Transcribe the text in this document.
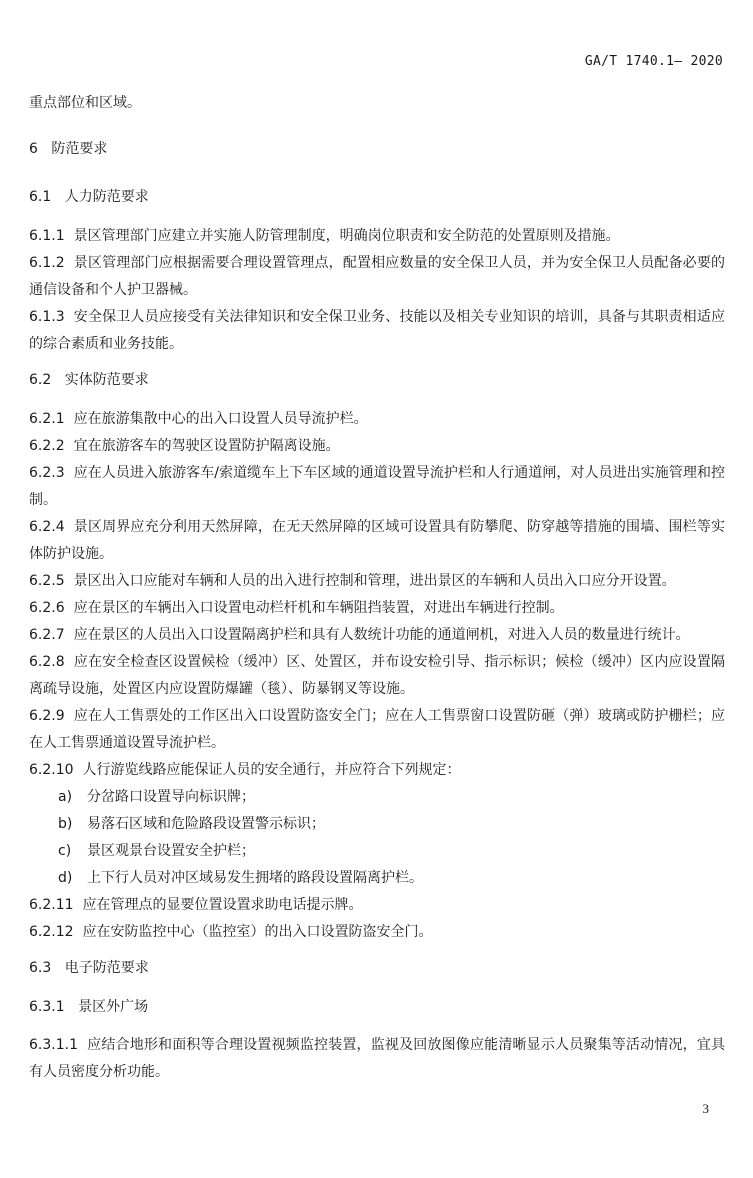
GA/T 1740.1— 2020

重点部位和区域。

6 防范要求

6.1 人力防范要求

6.1.1 景区管理部门应建立并实施人防管理制度，明确岗位职责和安全防范的处置原则及措施。

6.1.2 景区管理部门应根据需要合理设置管理点，配置相应数量的安全保卫人员，并为安全保卫人员配备必要的通信设备和个人护卫器械。

6.1.3 安全保卫人员应接受有关法律知识和安全保卫业务、技能以及相关专业知识的培训，具备与其职责相适应的综合素质和业务技能。

6.2 实体防范要求

6.2.1 应在旅游集散中心的出入口设置人员导流护栏。

6.2.2 宜在旅游客车的驾驶区设置防护隔离设施。

6.2.3 应在人员进入旅游客车/索道缆车上下车区域的通道设置导流护栏和人行通道闸，对人员进出实施管理和控制。

6.2.4 景区周界应充分利用天然屏障，在无天然屏障的区域可设置具有防攀爬、防穿越等措施的围墙、围栏等实体防护设施。

6.2.5 景区出入口应能对车辆和人员的出入进行控制和管理，进出景区的车辆和人员出入口应分开设置。

6.2.6 应在景区的车辆出入口设置电动栏杆机和车辆阻挡装置，对进出车辆进行控制。

6.2.7 应在景区的人员出入口设置隔离护栏和具有人数统计功能的通道闸机，对进入人员的数量进行统计。

6.2.8 应在安全检查区设置候检（缓冲）区、处置区，并布设安检引导、指示标识；候检（缓冲）区内应设置隔离疏导设施，处置区内应设置防爆罐（毯）、防暴钢叉等设施。

6.2.9 应在人工售票处的工作区出入口设置防盗安全门；应在人工售票窗口设置防砸（弹）玻璃或防护栅栏；应在人工售票通道设置导流护栏。

6.2.10 人行游览线路应能保证人员的安全通行，并应符合下列规定：

a) 分岔路口设置导向标识牌；

b) 易落石区域和危险路段设置警示标识；

c) 景区观景台设置安全护栏；

d) 上下行人员对冲区域易发生拥堵的路段设置隔离护栏。

6.2.11 应在管理点的显要位置设置求助电话提示牌。

6.2.12 应在安防监控中心（监控室）的出入口设置防盗安全门。

6.3 电子防范要求

6.3.1 景区外广场

6.3.1.1 应结合地形和面积等合理设置视频监控装置，监视及回放图像应能清晰显示人员聚集等活动情况，宜具有人员密度分析功能。

3
